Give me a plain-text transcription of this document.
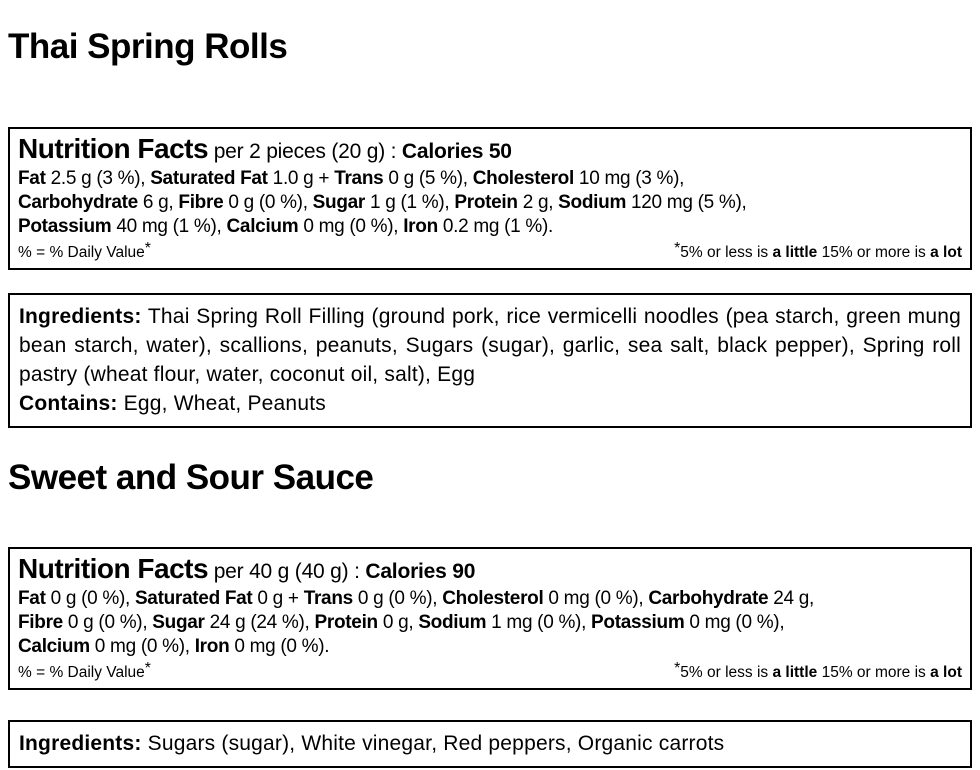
Thai Spring Rolls
Nutrition Facts per 2 pieces (20 g) : Calories 50
Fat 2.5 g (3 %), Saturated Fat 1.0 g + Trans 0 g (5 %), Cholesterol 10 mg (3 %),
Carbohydrate 6 g, Fibre 0 g (0 %), Sugar 1 g (1 %), Protein 2 g, Sodium 120 mg (5 %),
Potassium 40 mg (1 %), Calcium 0 mg (0 %), Iron 0.2 mg (1 %).
% = % Daily Value*	*5% or less is a little 15% or more is a lot
Ingredients: Thai Spring Roll Filling (ground pork, rice vermicelli noodles (pea starch, green mung bean starch, water), scallions, peanuts, Sugars (sugar), garlic, sea salt, black pepper), Spring roll pastry (wheat flour, water, coconut oil, salt), Egg
Contains: Egg, Wheat, Peanuts
Sweet and Sour Sauce
Nutrition Facts per 40 g (40 g) : Calories 90
Fat 0 g (0 %), Saturated Fat 0 g + Trans 0 g (0 %), Cholesterol 0 mg (0 %), Carbohydrate 24 g,
Fibre 0 g (0 %), Sugar 24 g (24 %), Protein 0 g, Sodium 1 mg (0 %), Potassium 0 mg (0 %),
Calcium 0 mg (0 %), Iron 0 mg (0 %).
% = % Daily Value*	*5% or less is a little 15% or more is a lot
Ingredients: Sugars (sugar), White vinegar, Red peppers, Organic carrots
